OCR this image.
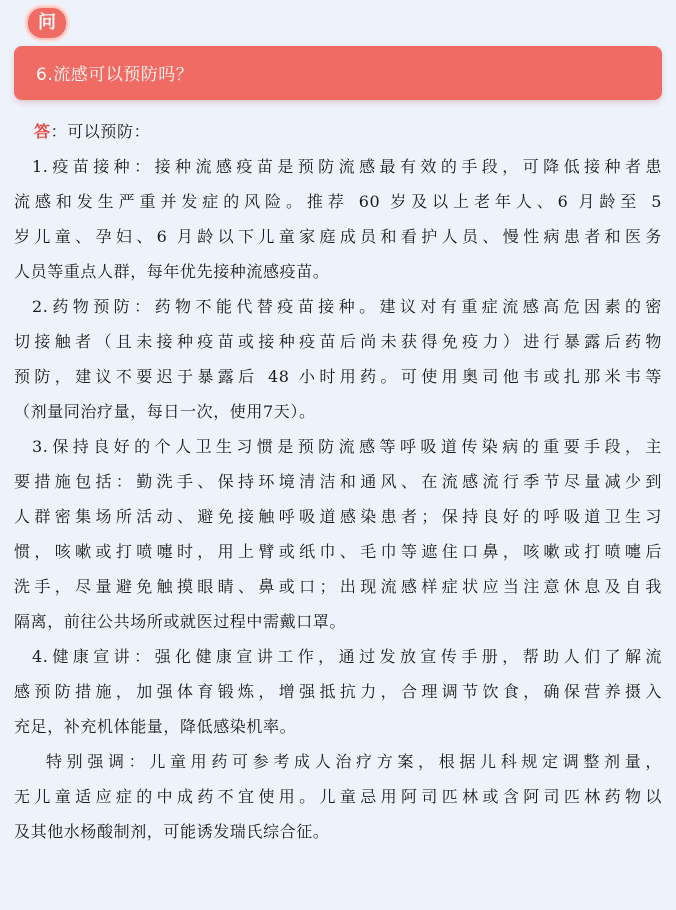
问
6.流感可以预防吗？
答：可以预防：
1.疫苗接种：接种流感疫苗是预防流感最有效的手段，可降低接种者患
流感和发生严重并发症的风险。推荐 60 岁及以上老年人、6 月龄至 5
岁儿童、孕妇、6 月龄以下儿童家庭成员和看护人员、慢性病患者和医务
人员等重点人群，每年优先接种流感疫苗。
2.药物预防：药物不能代替疫苗接种。建议对有重症流感高危因素的密
切接触者（且未接种疫苗或接种疫苗后尚未获得免疫力）进行暴露后药物
预防，建议不要迟于暴露后 48 小时用药。可使用奥司他韦或扎那米韦等
（剂量同治疗量，每日一次，使用7天）。
3.保持良好的个人卫生习惯是预防流感等呼吸道传染病的重要手段，主
要措施包括：勤洗手、保持环境清洁和通风、在流感流行季节尽量减少到
人群密集场所活动、避免接触呼吸道感染患者；保持良好的呼吸道卫生习
惯，咳嗽或打喷嚏时，用上臂或纸巾、毛巾等遮住口鼻，咳嗽或打喷嚏后
洗手，尽量避免触摸眼睛、鼻或口；出现流感样症状应当注意休息及自我
隔离，前往公共场所或就医过程中需戴口罩。
4.健康宣讲：强化健康宣讲工作，通过发放宣传手册，帮助人们了解流
感预防措施，加强体育锻炼，增强抵抗力，合理调节饮食，确保营养摄入
充足，补充机体能量，降低感染机率。
特别强调：儿童用药可参考成人治疗方案，根据儿科规定调整剂量，
无儿童适应症的中成药不宜使用。儿童忌用阿司匹林或含阿司匹林药物以
及其他水杨酸制剂，可能诱发瑞氏综合征。
